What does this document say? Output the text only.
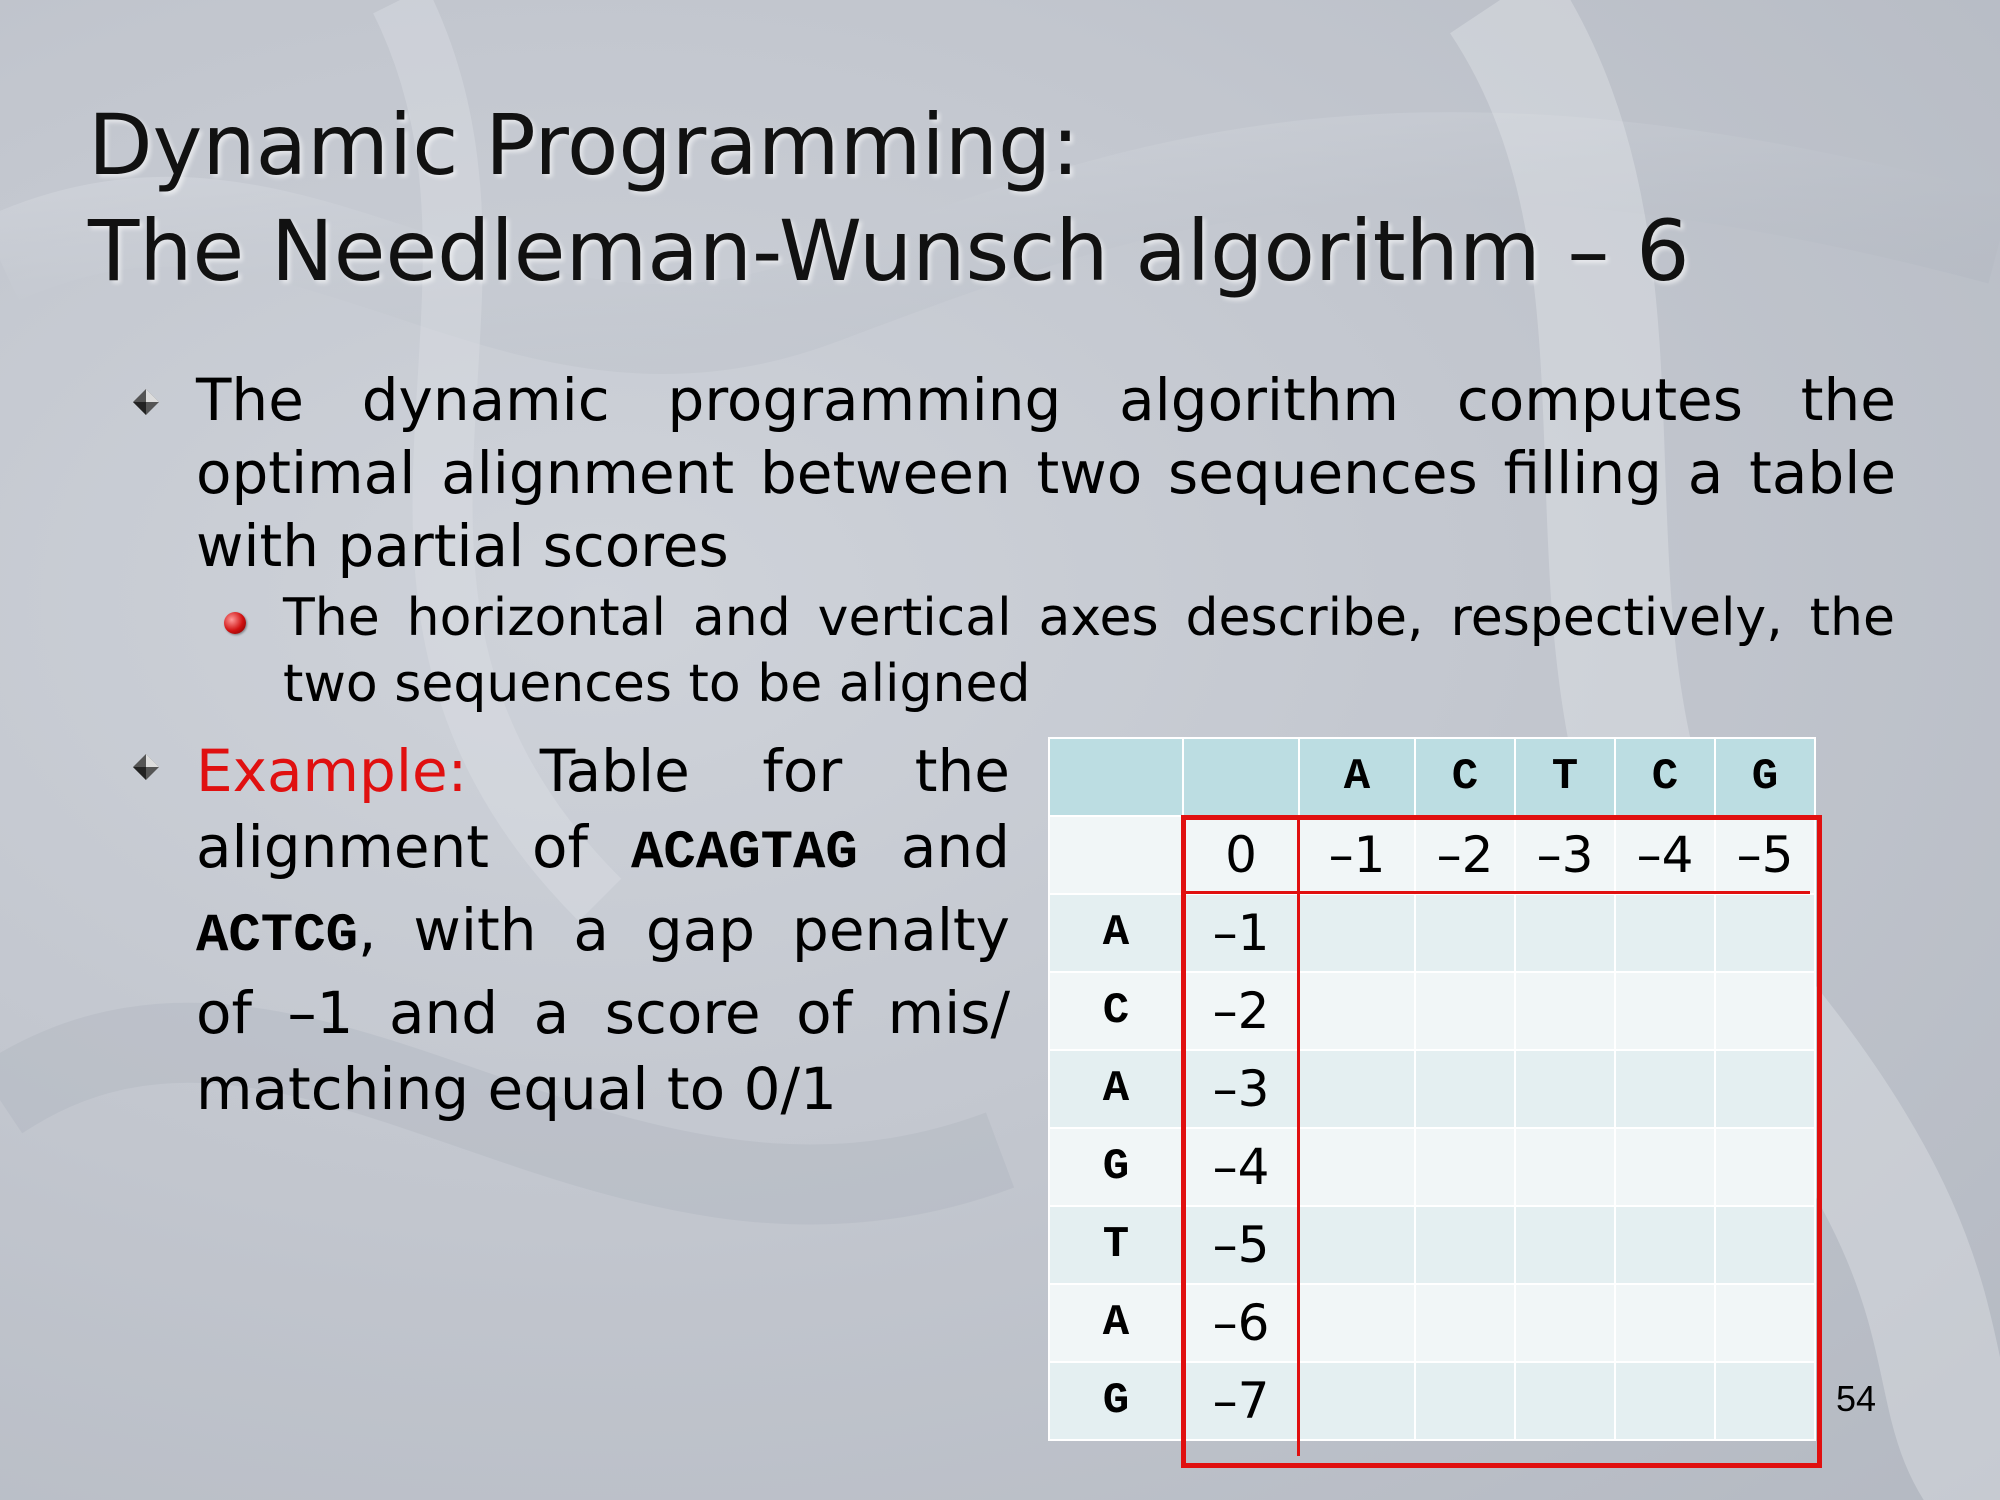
Dynamic Programming:
The Needleman-Wunsch algorithm – 6
The dynamic programming algorithm computes the optimal alignment between two sequences filling a table with partial scores
The horizontal and vertical axes describe, respectively, the two sequences to be aligned
Example: Table for the alignment of ACAGTAG and ACTCG, with a gap penalty of –1 and a score of mis/ matching equal to 0/1
		A	C	T	C	G
	0	–1	–2	–3	–4	–5
A	–1					
C	–2					
A	–3					
G	–4					
T	–5					
A	–6					
G	–7						54
